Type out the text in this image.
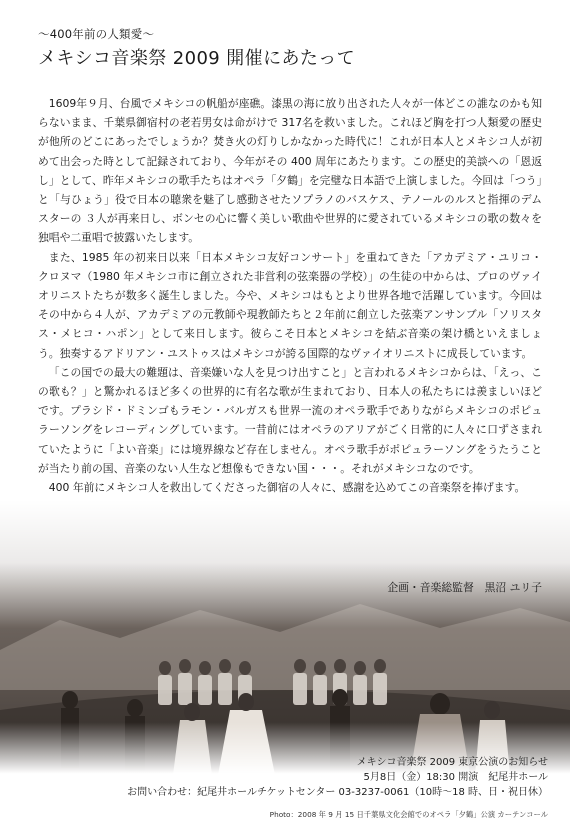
〜400年前の人類愛〜
メキシコ音楽祭 2009 開催にあたって

1609年９月、台風でメキシコの帆船が座礁。漆黒の海に放り出された人々が一体どこの誰なのかも知らないまま、千葉県御宿村の老若男女は命がけで 317名を救いました。これほど胸を打つ人類愛の歴史が他所のどこにあったでしょうか？焚き火の灯りしかなかった時代に！これが日本人とメキシコ人が初めて出会った時として記録されており、今年がその 400 周年にあたります。この歴史的美談への「恩返し」として、昨年メキシコの歌手たちはオペラ「夕鶴」を完璧な日本語で上演しました。今回は「つう」と「与ひょう」役で日本の聴衆を魅了し感動させたソプラノのバスケス、テノールのルスと指揮のデムスターの ３人が再来日し、ボンセの心に響く美しい歌曲や世界的に愛されているメキシコの歌の数々を独唱や二重唱で披露いたします。

また、1985 年の初来日以来「日本メキシコ友好コンサート」を重ねてきた「アカデミア・ユリコ・クロヌマ（1980 年メキシコ市に創立された非営利の弦楽器の学校）」の生徒の中からは、プロのヴァイオリニストたちが数多く誕生しました。今や、メキシコはもとより世界各地で活躍しています。今回はその中から４人が、アカデミアの元教師や現教師たちと２年前に創立した弦楽アンサンブル「ソリスタス・メヒコ・ハポン」として来日します。彼らこそ日本とメキシコを結ぶ音楽の架け橋といえましょう。独奏するアドリアン・ユストゥスはメキシコが誇る国際的なヴァイオリニストに成長しています。

「この国での最大の難題は、音楽嫌いな人を見つけ出すこと」と言われるメキシコからは、「えっ、この歌も？」と驚かれるほど多くの世界的に有名な歌が生まれており、日本人の私たちには羨ましいほどです。プラシド・ドミンゴもラモン・バルガスも世界一流のオペラ歌手でありながらメキシコのポピュラーソングをレコーディングしています。一昔前にはオペラのアリアがごく日常的に人々に口ずさまれていたように「よい音楽」には境界線など存在しません。オペラ歌手がポピュラーソングをうたうことが当たり前の国、音楽のない人生など想像もできない国・・・。それがメキシコなのです。

400 年前にメキシコ人を救出してくださった御宿の人々に、感謝を込めてこの音楽祭を捧げます。

企画・音楽総監督　黒沼 ユリ子
メキシコ音楽祭 2009 東京公演のお知らせ
5月8日（金）18:30 開演　紀尾井ホール
お問い合わせ：紀尾井ホールチケットセンター 03-3237-0061（10時〜18 時、日・祝日休）
Photo：2008 年 9 月 15 日千葉県文化会館でのオペラ「夕鶴」公演 カーテンコール
